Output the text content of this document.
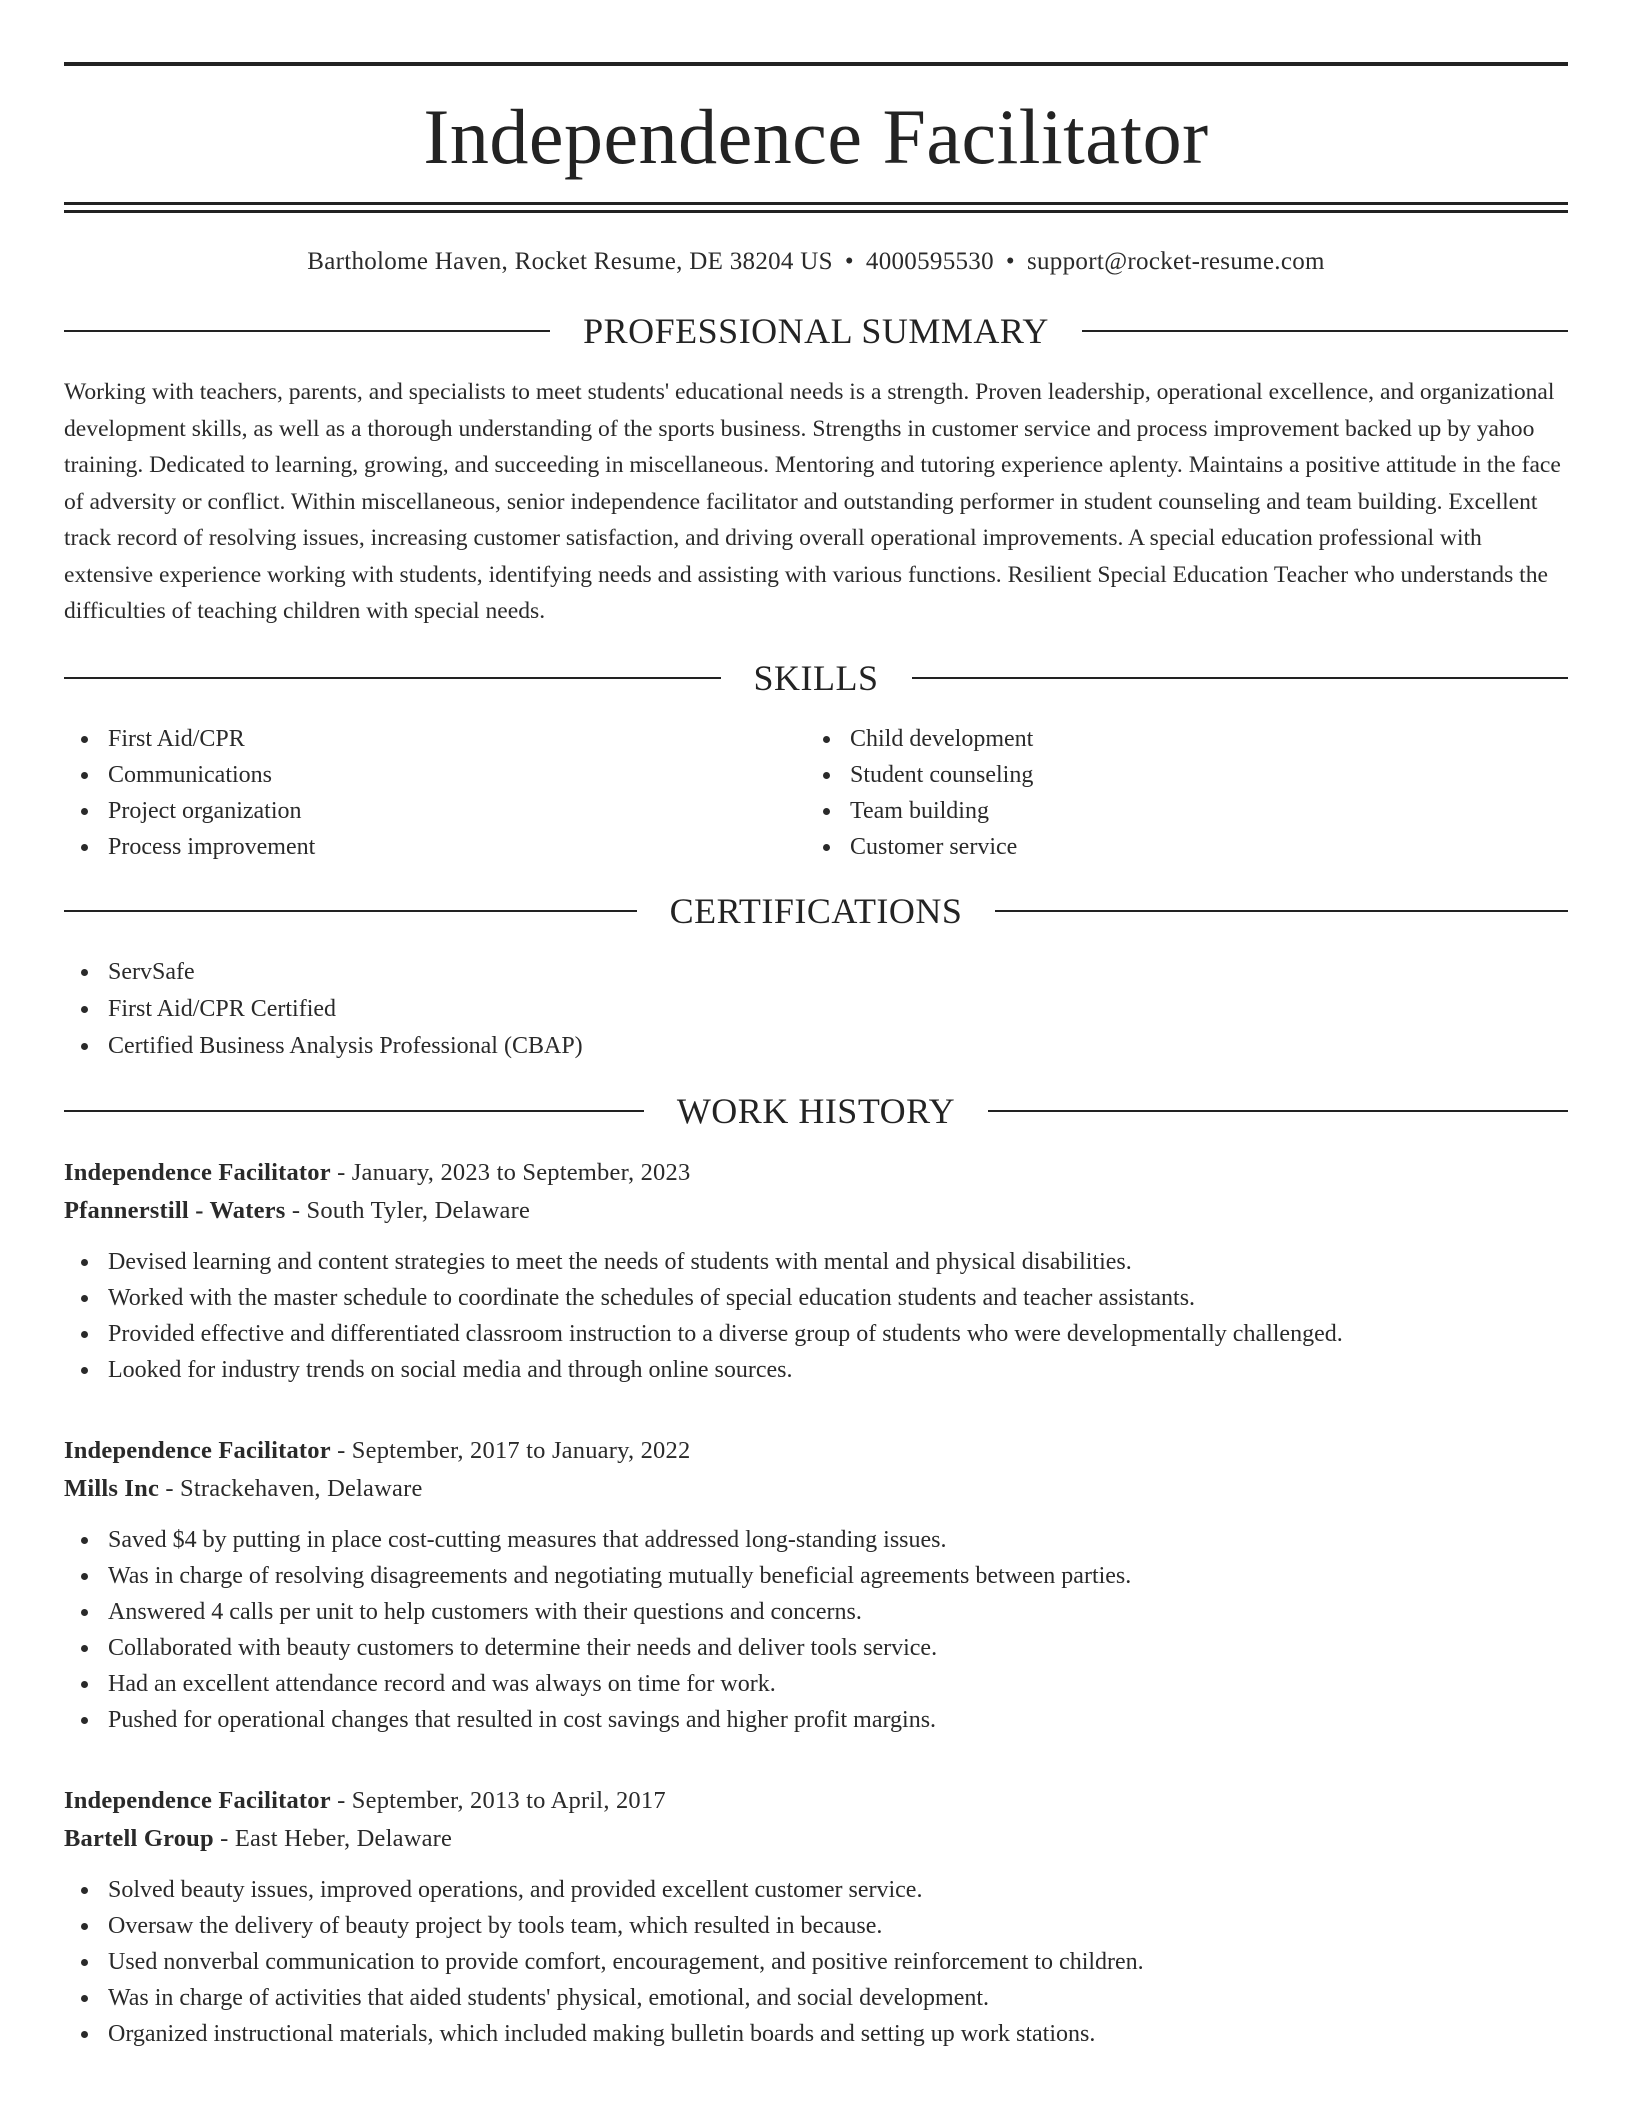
Independence Facilitator
Bartholome Haven, Rocket Resume, DE 38204 US • 4000595530 • support@rocket-resume.com
PROFESSIONAL SUMMARY
Working with teachers, parents, and specialists to meet students' educational needs is a strength. Proven leadership, operational excellence, and organizational development skills, as well as a thorough understanding of the sports business. Strengths in customer service and process improvement backed up by yahoo training. Dedicated to learning, growing, and succeeding in miscellaneous. Mentoring and tutoring experience aplenty. Maintains a positive attitude in the face of adversity or conflict. Within miscellaneous, senior independence facilitator and outstanding performer in student counseling and team building. Excellent track record of resolving issues, increasing customer satisfaction, and driving overall operational improvements. A special education professional with extensive experience working with students, identifying needs and assisting with various functions. Resilient Special Education Teacher who understands the difficulties of teaching children with special needs.
SKILLS
First Aid/CPR
Communications
Project organization
Process improvement
Child development
Student counseling
Team building
Customer service
CERTIFICATIONS
ServSafe
First Aid/CPR Certified
Certified Business Analysis Professional (CBAP)
WORK HISTORY
Independence Facilitator - January, 2023 to September, 2023
Pfannerstill - Waters - South Tyler, Delaware
Devised learning and content strategies to meet the needs of students with mental and physical disabilities.
Worked with the master schedule to coordinate the schedules of special education students and teacher assistants.
Provided effective and differentiated classroom instruction to a diverse group of students who were developmentally challenged.
Looked for industry trends on social media and through online sources.
Independence Facilitator - September, 2017 to January, 2022
Mills Inc - Strackehaven, Delaware
Saved $4 by putting in place cost-cutting measures that addressed long-standing issues.
Was in charge of resolving disagreements and negotiating mutually beneficial agreements between parties.
Answered 4 calls per unit to help customers with their questions and concerns.
Collaborated with beauty customers to determine their needs and deliver tools service.
Had an excellent attendance record and was always on time for work.
Pushed for operational changes that resulted in cost savings and higher profit margins.
Independence Facilitator - September, 2013 to April, 2017
Bartell Group - East Heber, Delaware
Solved beauty issues, improved operations, and provided excellent customer service.
Oversaw the delivery of beauty project by tools team, which resulted in because.
Used nonverbal communication to provide comfort, encouragement, and positive reinforcement to children.
Was in charge of activities that aided students' physical, emotional, and social development.
Organized instructional materials, which included making bulletin boards and setting up work stations.
